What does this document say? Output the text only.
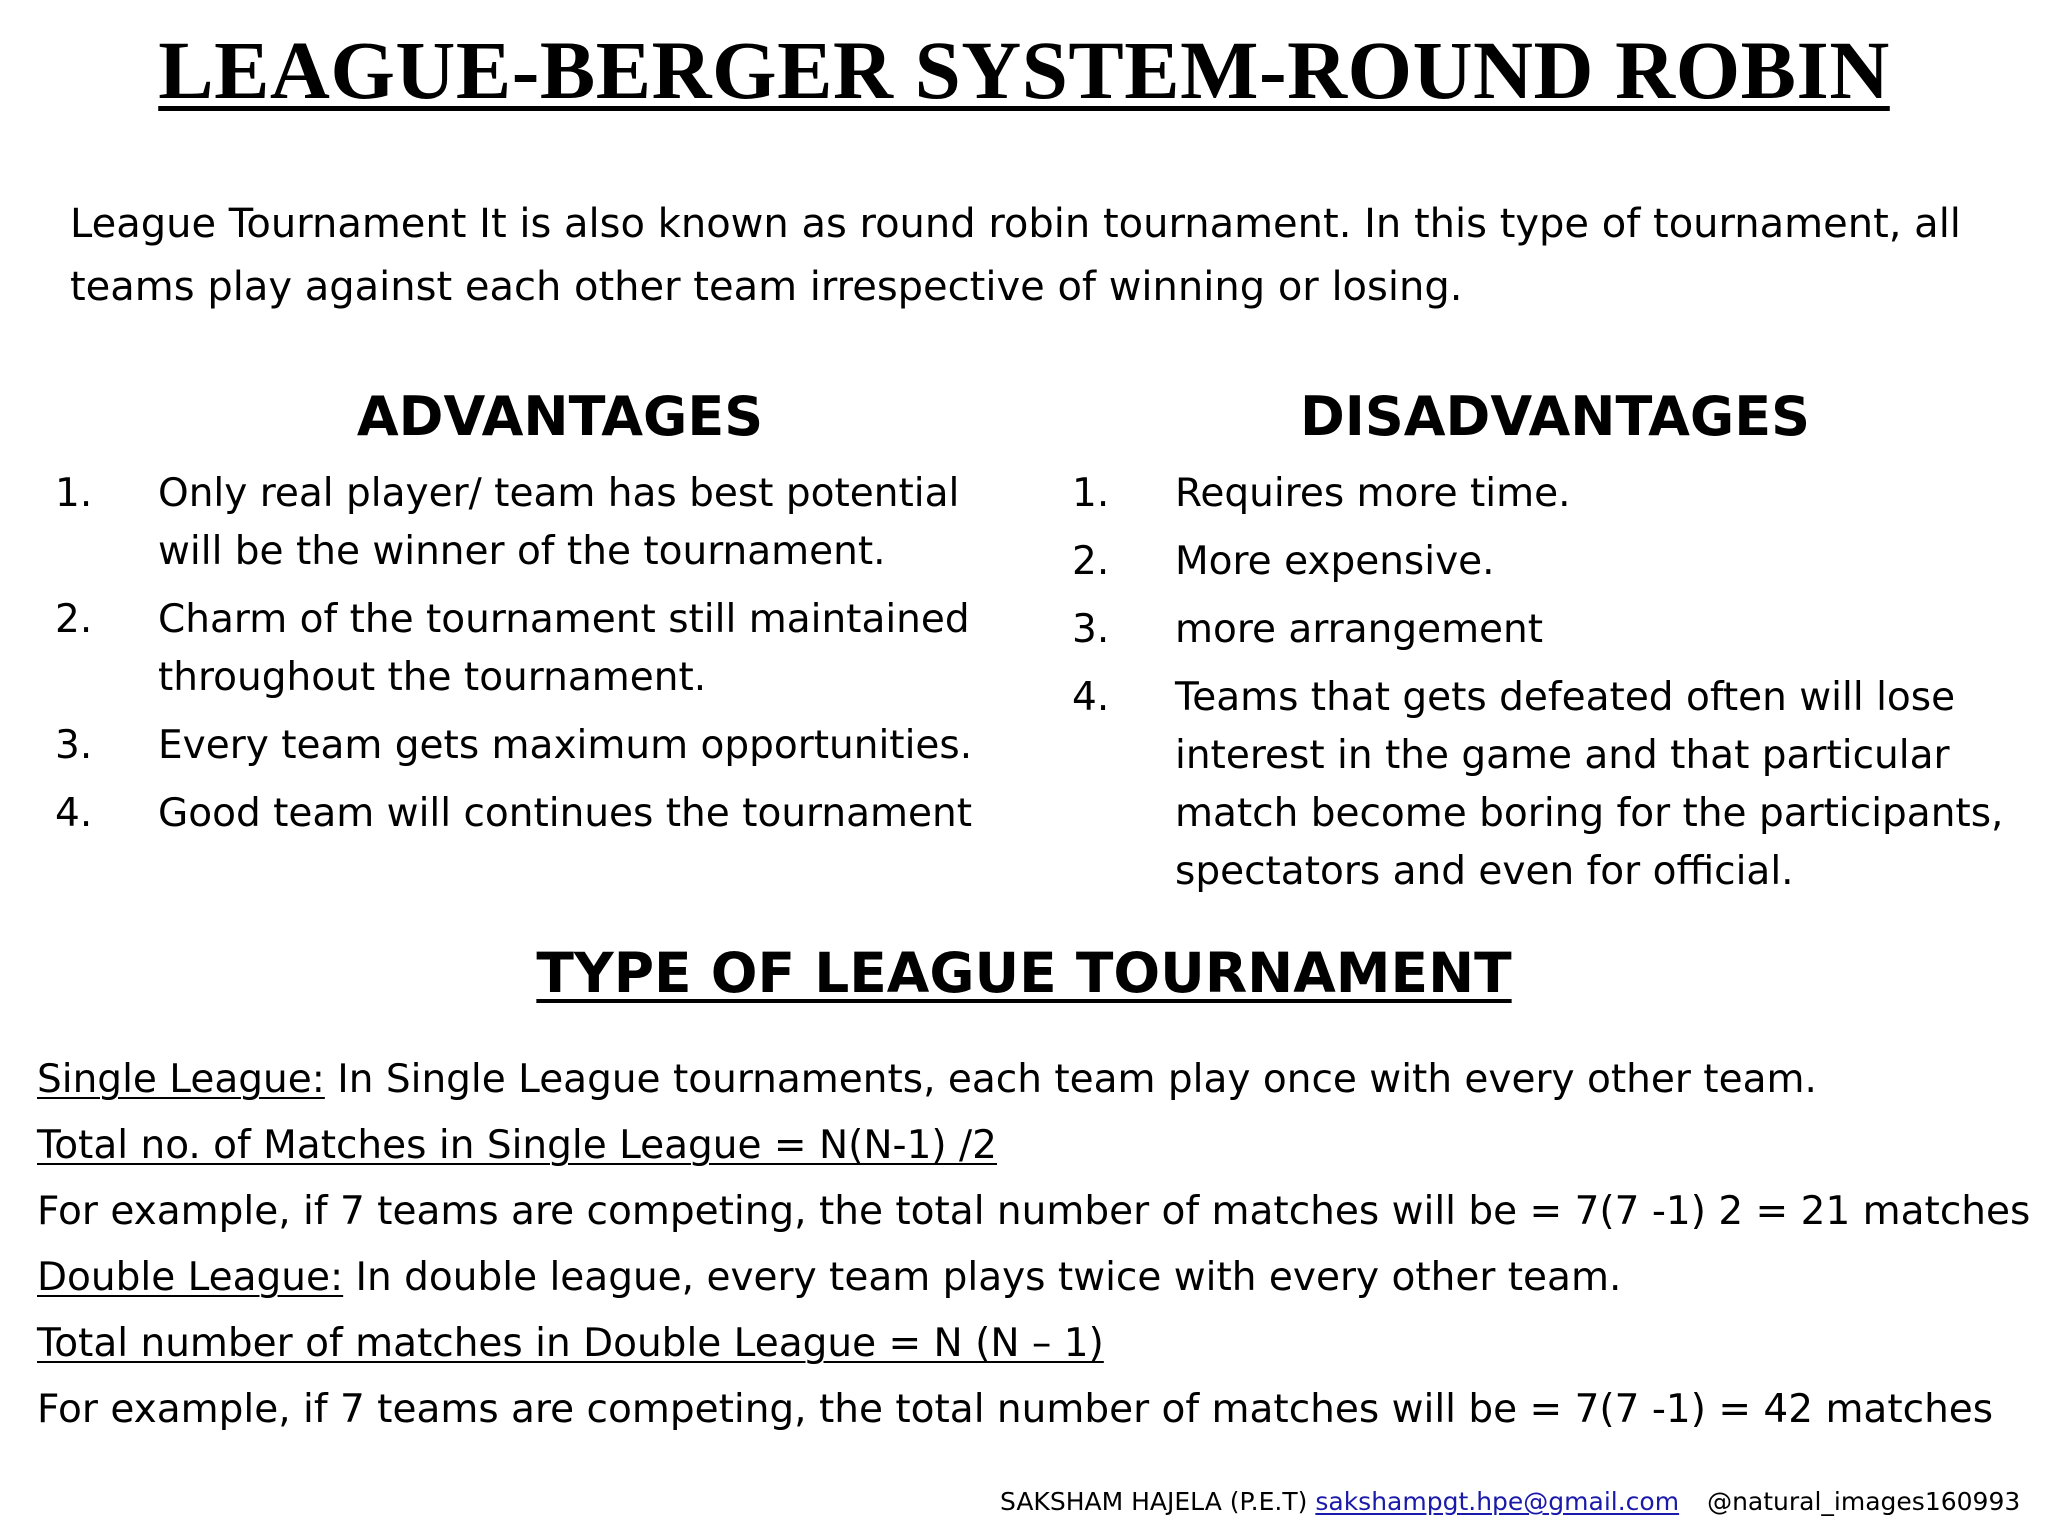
LEAGUE-BERGER SYSTEM-ROUND ROBIN
League Tournament It is also known as round robin tournament. In this type of tournament, all teams play against each other team irrespective of winning or losing.
ADVANTAGES
1. Only real player/ team has best potential will be the winner of the tournament.
2. Charm of the tournament still maintained throughout the tournament.
3. Every team gets maximum opportunities.
4. Good team will continues the tournament
DISADVANTAGES
1. Requires more time.
2. More expensive.
3. more arrangement
4. Teams that gets defeated often will lose interest in the game and that particular match become boring for the participants, spectators and even for official.
TYPE OF LEAGUE TOURNAMENT
Single League: In Single League tournaments, each team play once with every other team.
Total no. of Matches in Single League = N(N-1) /2
For example, if 7 teams are competing, the total number of matches will be = 7(7 -1) 2 = 21 matches
Double League: In double league, every team plays twice with every other team.
Total number of matches in Double League = N (N – 1)
For example, if 7 teams are competing, the total number of matches will be = 7(7 -1) = 42 matches
SAKSHAM HAJELA (P.E.T) sakshampgt.hpe@gmail.com @natural_images160993
